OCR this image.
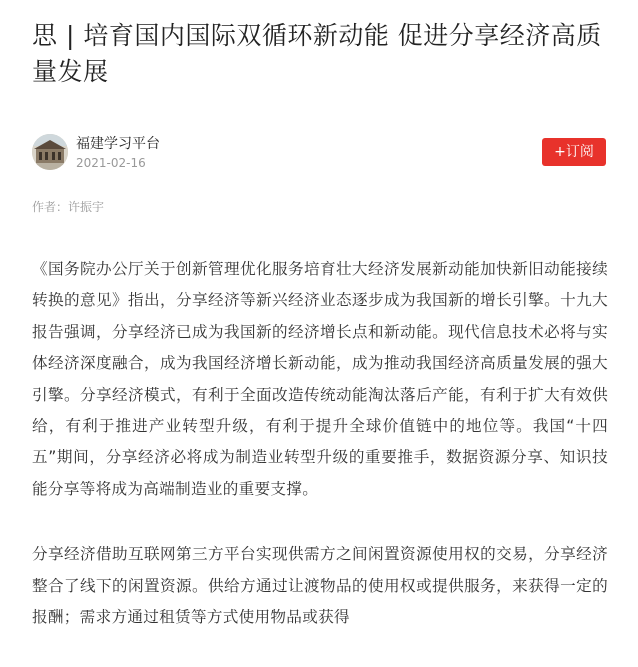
思 | 培育国内国际双循环新动能 促进分享经济高质量发展
福建学习平台
2021-02-16
+订阅
作者：许振宇

《国务院办公厅关于创新管理优化服务培育壮大经济发展新动能加快新旧动能接续转换的意见》指出，分享经济等新兴经济业态逐步成为我国新的增长引擎。十九大报告强调，分享经济已成为我国新的经济增长点和新动能。现代信息技术必将与实体经济深度融合，成为我国经济增长新动能，成为推动我国经济高质量发展的强大引擎。分享经济模式，有利于全面改造传统动能淘汰落后产能，有利于扩大有效供给，有利于推进产业转型升级，有利于提升全球价值链中的地位等。我国“十四五”期间，分享经济必将成为制造业转型升级的重要推手，数据资源分享、知识技能分享等将成为高端制造业的重要支撑。

分享经济借助互联网第三方平台实现供需方之间闲置资源使用权的交易，分享经济整合了线下的闲置资源。供给方通过让渡物品的使用权或提供服务，来获得一定的报酬；需求方通过租赁等方式使用物品或获得
